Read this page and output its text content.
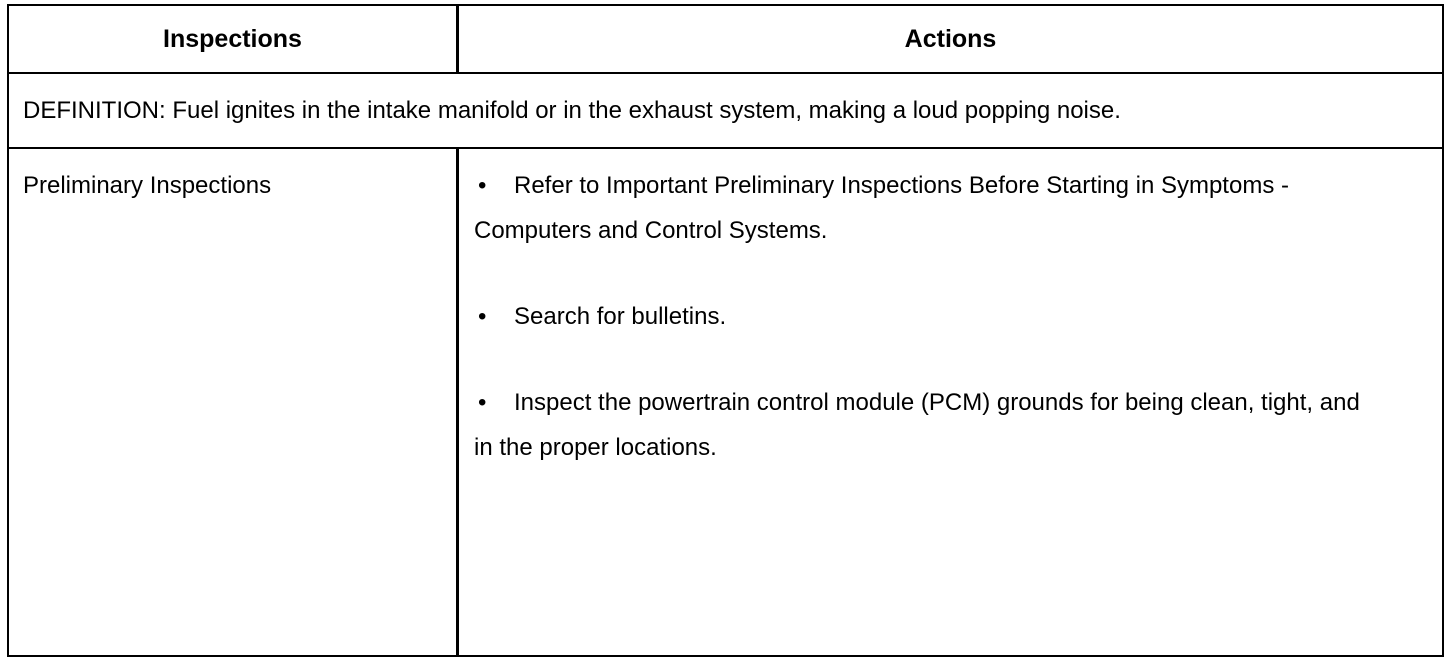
Inspections	Actions
DEFINITION: Fuel ignites in the intake manifold or in the exhaust system, making a loud popping noise.
Preliminary Inspections	• Refer to Important Preliminary Inspections Before Starting in Symptoms - Computers and Control Systems.
• Search for bulletins.
• Inspect the powertrain control module (PCM) grounds for being clean, tight, and in the proper locations.
